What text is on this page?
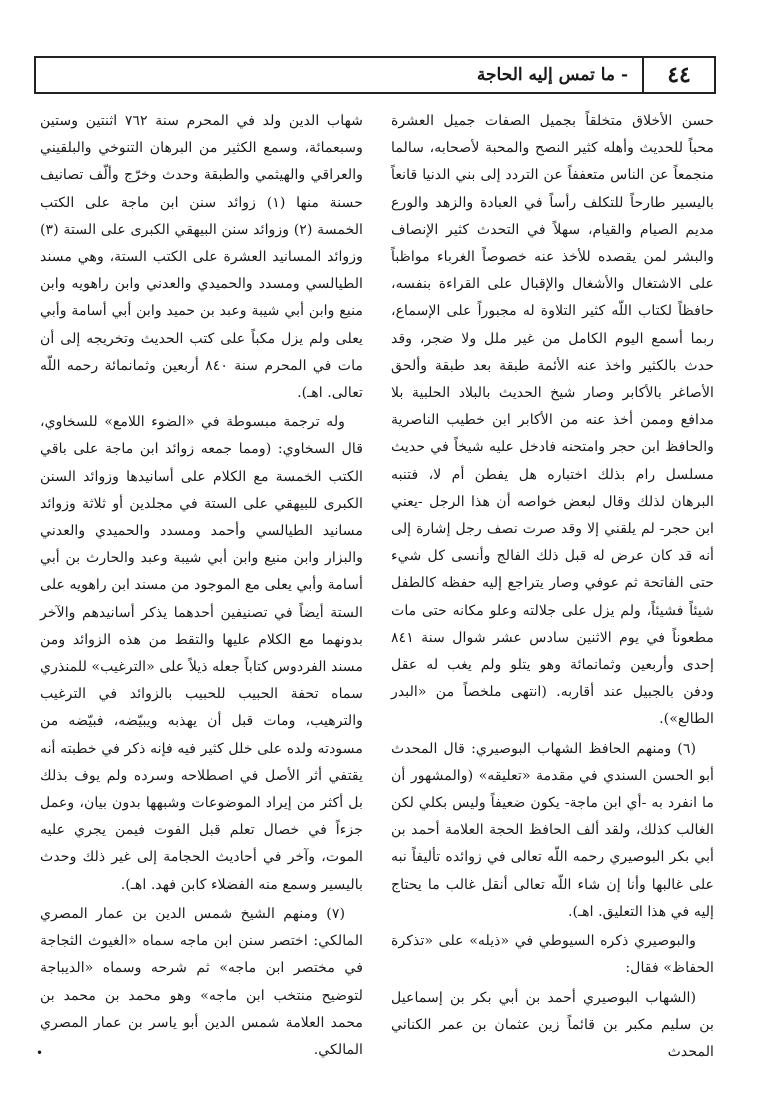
٤٤
- ما تمس إليه الحاجة

حسن الأخلاق متخلقاً بجميل الصفات جميل العشرة محباً للحديث وأهله كثير النصح والمحبة لأصحابه، سالما منجمعاً عن الناس متعففاً عن التردد إلى بني الدنيا قانعاً باليسير طارحاً للتكلف رأساً في العبادة والزهد والورع مديم الصيام والقيام، سهلاً في التحدث كثير الإنصاف والبشر لمن يقصده للأخذ عنه خصوصاً الغرباء مواظباً على الاشتغال والأشغال والإقبال على القراءة بنفسه، حافظاً لكتاب اللّه كثير التلاوة له مجبوراً على الإسماع، ربما أسمع اليوم الكامل من غير ملل ولا ضجر، وقد حدث بالكثير واخذ عنه الأئمة طبقة بعد طبقة وألحق الأصاغر بالأكابر وصار شيخ الحديث بالبلاد الحلبية بلا مدافع وممن أخذ عنه من الأكابر ابن خطيب الناصرية والحافظ ابن حجر وامتحنه فادخل عليه شيخاً في حديث مسلسل رام بذلك اختباره هل يفطن أم لا، فتنبه البرهان لذلك وقال لبعض خواصه أن هذا الرجل -يعني ابن حجر- لم يلقني إلا وقد صرت نصف رجل إشارة إلى أنه قد كان عرض له قبل ذلك الفالج وأنسى كل شيء حتى الفاتحة ثم عوفي وصار يتراجع إليه حفظه كالطفل شيئاً فشيئاً، ولم يزل على جلالته وعلو مكانه حتى مات مطعوناً في يوم الاثنين سادس عشر شوال سنة ٨٤١ إحدى وأربعين وثمانمائة وهو يتلو ولم يغب له عقل ودفن بالجبيل عند أقاربه. (انتهى ملخصاً من «البدر الطالع»).

(٦) ومنهم الحافظ الشهاب البوصيري: قال المحدث أبو الحسن السندي في مقدمة «تعليقه» (والمشهور أن ما انفرد به -أي ابن ماجة- يكون ضعيفاً وليس بكلي لكن الغالب كذلك، ولقد ألف الحافظ الحجة العلامة أحمد بن أبي بكر البوصيري رحمه اللّه تعالى في زوائده تأليفاً نبه على غالبها وأنا إن شاء اللّه تعالى أنقل غالب ما يحتاج إليه في هذا التعليق. اهـ).

والبوصيري ذكره السيوطي في «ذيله» على «تذكرة الحفاظ» فقال:

(الشهاب البوصيري أحمد بن أبي بكر بن إسماعيل بن سليم مكبر بن قائماً زين عثمان بن عمر الكناني المحدث

شهاب الدين ولد في المحرم سنة ٧٦٢ اثنتين وستين وسبعمائة، وسمع الكثير من البرهان التنوخي والبلقيني والعراقي والهيثمي والطبقة وحدث وخرّج وألّف تصانيف حسنة منها (١) زوائد سنن ابن ماجة على الكتب الخمسة (٢) وزوائد سنن البيهقي الكبرى على الستة (٣) وزوائد المسانيد العشرة على الكتب الستة، وهي مسند الطيالسي ومسدد والحميدي والعدني وابن راهويه وابن منيع وابن أبي شيبة وعبد بن حميد وابن أبي أسامة وأبي يعلى ولم يزل مكباً على كتب الحديث وتخريجه إلى أن مات في المحرم سنة ٨٤٠ أربعين وثمانمائة رحمه اللّه تعالى. اهـ).

وله ترجمة مبسوطة في «الضوء اللامع» للسخاوي، قال السخاوي: (ومما جمعه زوائد ابن ماجة على باقي الكتب الخمسة مع الكلام على أسانيدها وزوائد السنن الكبرى للبيهقي على الستة في مجلدين أو ثلاثة وزوائد مسانيد الطيالسي وأحمد ومسدد والحميدي والعدني والبزار وابن منيع وابن أبي شيبة وعبد والحارث بن أبي أسامة وأبي يعلى مع الموجود من مسند ابن راهويه على الستة أيضاً في تصنيفين أحدهما يذكر أسانيدهم والآخر بدونهما مع الكلام عليها والتقط من هذه الزوائد ومن مسند الفردوس كتاباً جعله ذيلاً على «الترغيب» للمنذري سماه تحفة الحبيب للحبيب بالزوائد في الترغيب والترهيب، ومات قبل أن يهذبه ويبيّضه، فبيّضه من مسودته ولده على خلل كثير فيه فإنه ذكر في خطبته أنه يقتفي أثر الأصل في اصطلاحه وسرده ولم يوف بذلك بل أكثر من إيراد الموضوعات وشبهها بدون بيان، وعمل جزءاً في خصال تعلم قبل الفوت فيمن يجري عليه الموت، وآخر في أحاديث الحجامة إلى غير ذلك وحدث باليسير وسمع منه الفضلاء كابن فهد. اهـ).

(٧) ومنهم الشيخ شمس الدين بن عمار المصري المالكي: اختصر سنن ابن ماجه سماه «الغيوث الثجاجة في مختصر ابن ماجه» ثم شرحه وسماه «الديباجة لتوضيح منتخب ابن ماجه» وهو محمد بن محمد بن محمد العلامة شمس الدين أبو ياسر بن عمار المصري المالكي.

•
